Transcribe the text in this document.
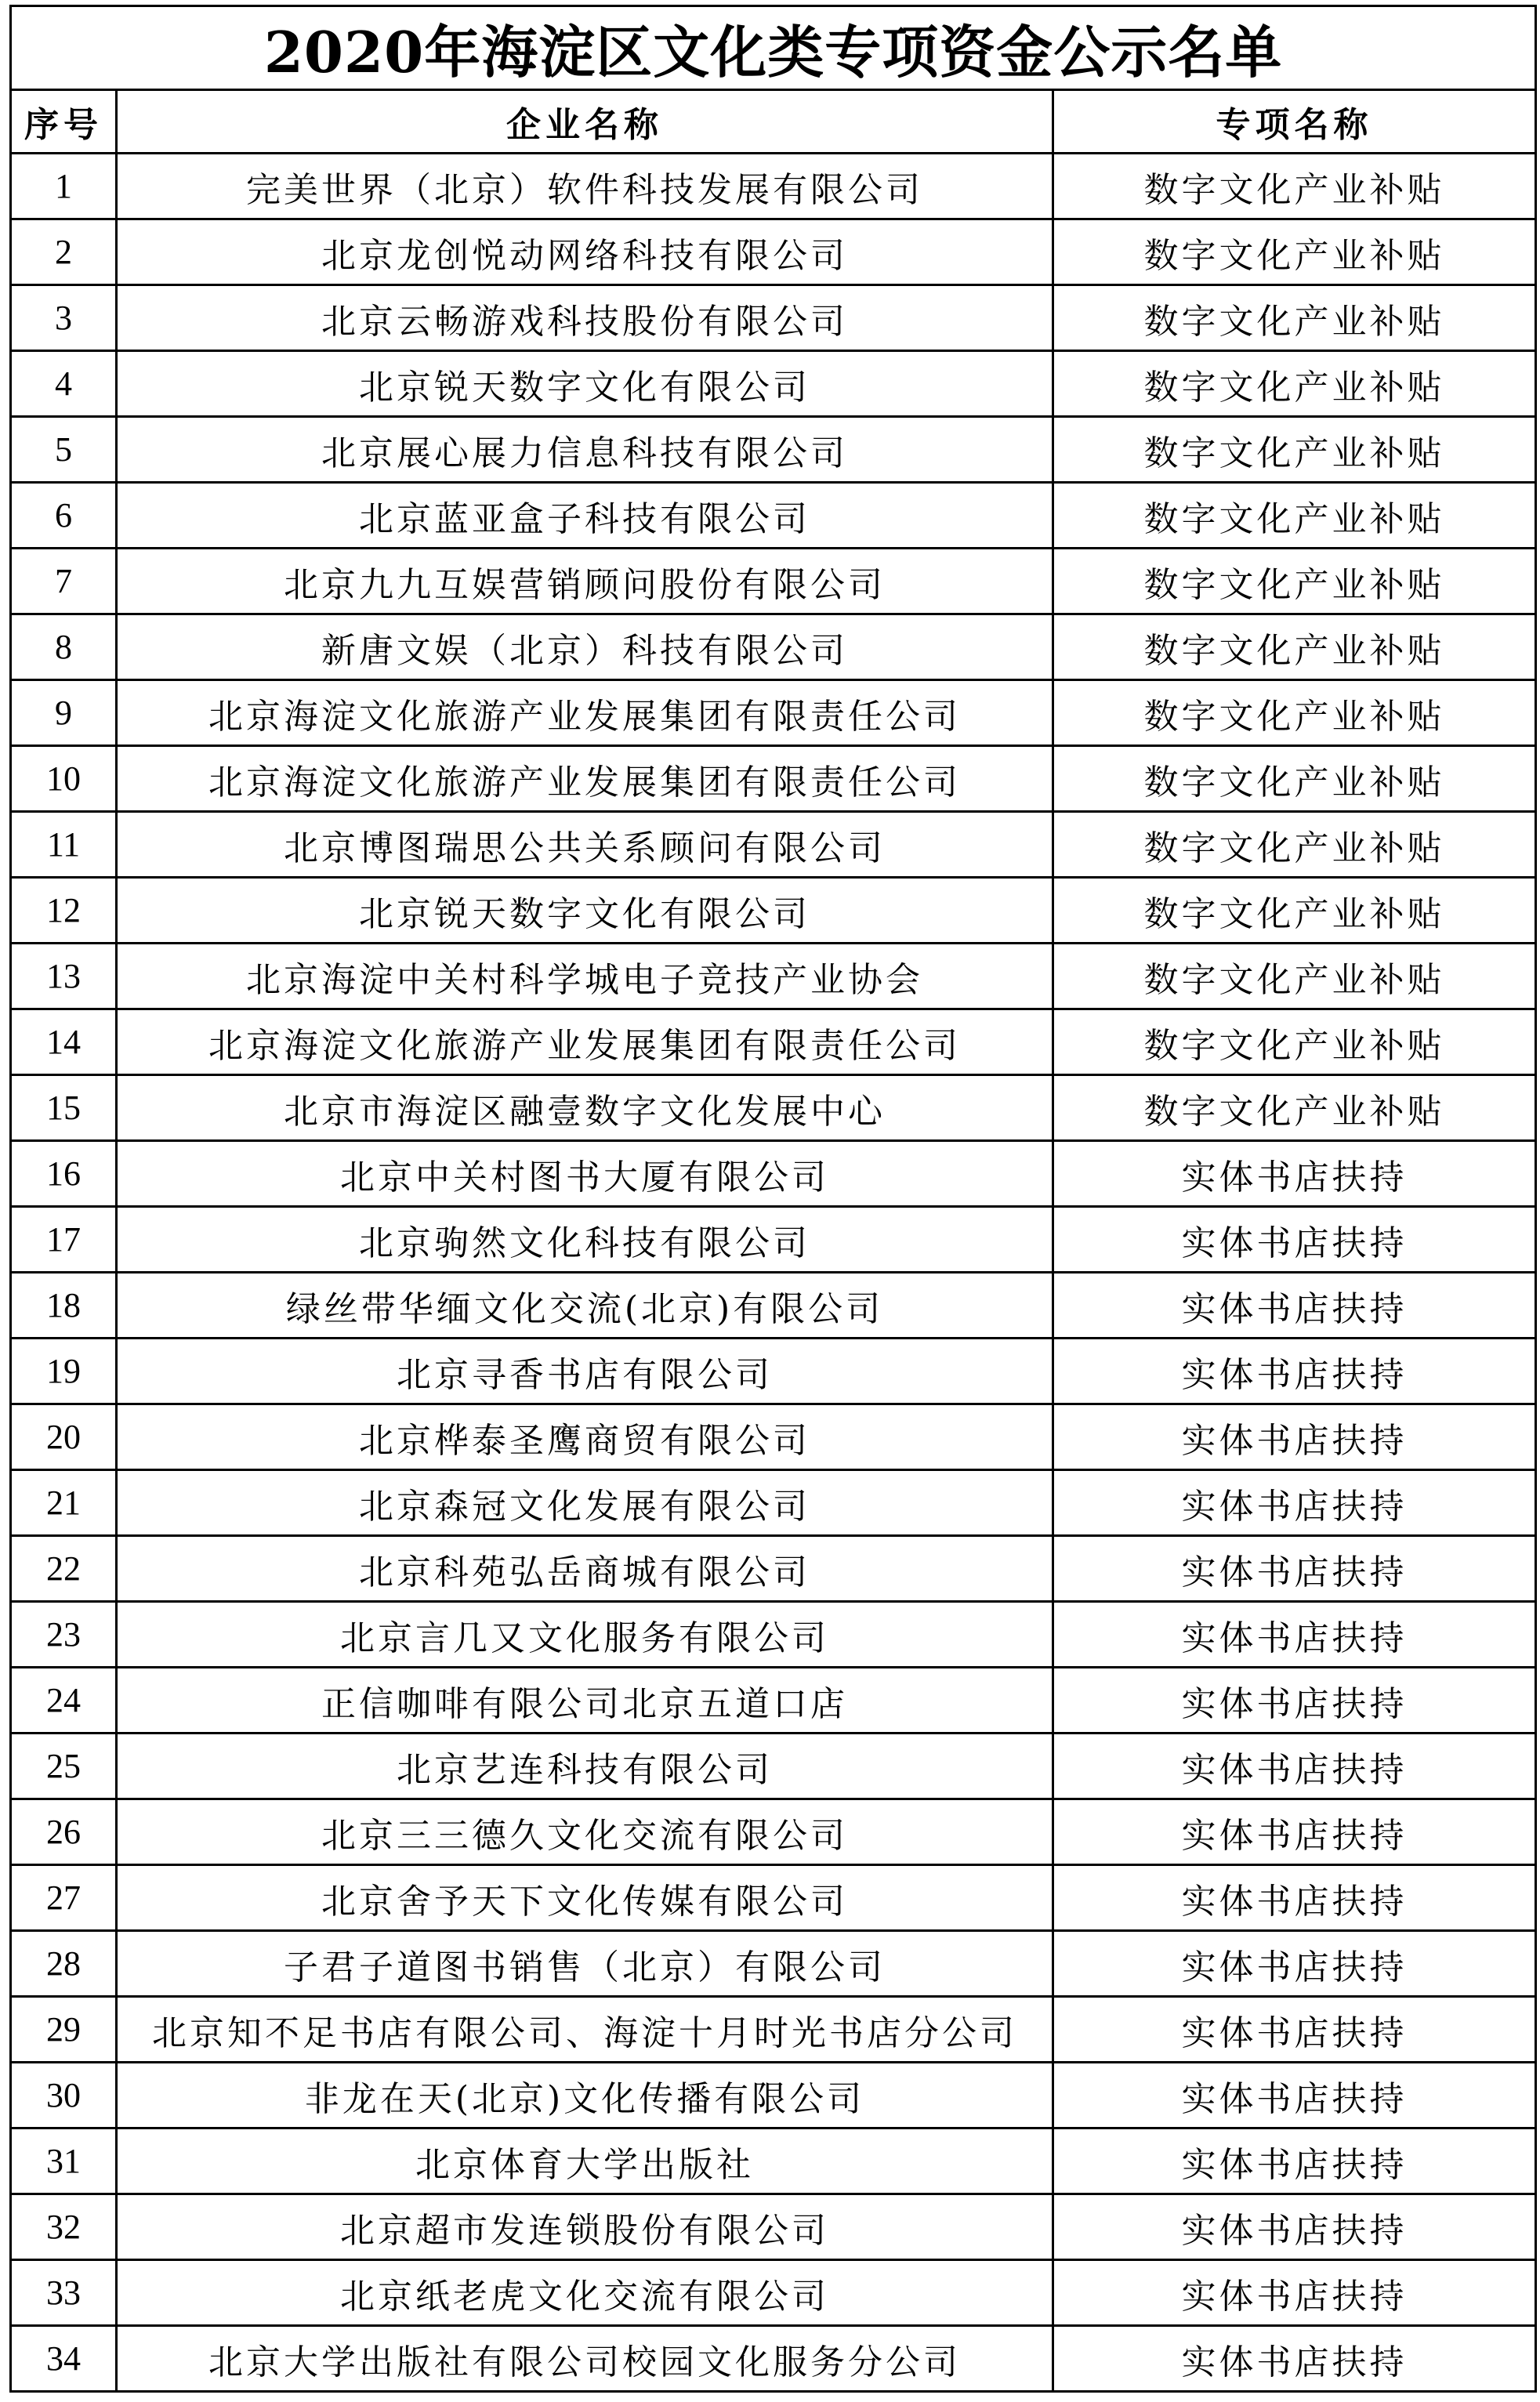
2020年海淀区文化类专项资金公示名单		
序号	企业名称	专项名称
1	完美世界（北京）软件科技发展有限公司	数字文化产业补贴
2	北京龙创悦动网络科技有限公司	数字文化产业补贴
3	北京云畅游戏科技股份有限公司	数字文化产业补贴
4	北京锐天数字文化有限公司	数字文化产业补贴
5	北京展心展力信息科技有限公司	数字文化产业补贴
6	北京蓝亚盒子科技有限公司	数字文化产业补贴
7	北京九九互娱营销顾问股份有限公司	数字文化产业补贴
8	新唐文娱（北京）科技有限公司	数字文化产业补贴
9	北京海淀文化旅游产业发展集团有限责任公司	数字文化产业补贴
10	北京海淀文化旅游产业发展集团有限责任公司	数字文化产业补贴
11	北京博图瑞思公共关系顾问有限公司	数字文化产业补贴
12	北京锐天数字文化有限公司	数字文化产业补贴
13	北京海淀中关村科学城电子竞技产业协会	数字文化产业补贴
14	北京海淀文化旅游产业发展集团有限责任公司	数字文化产业补贴
15	北京市海淀区融壹数字文化发展中心	数字文化产业补贴
16	北京中关村图书大厦有限公司	实体书店扶持
17	北京驹然文化科技有限公司	实体书店扶持
18	绿丝带华缅文化交流(北京)有限公司	实体书店扶持
19	北京寻香书店有限公司	实体书店扶持
20	北京桦泰圣鹰商贸有限公司	实体书店扶持
21	北京森冠文化发展有限公司	实体书店扶持
22	北京科苑弘岳商城有限公司	实体书店扶持
23	北京言几又文化服务有限公司	实体书店扶持
24	正信咖啡有限公司北京五道口店	实体书店扶持
25	北京艺连科技有限公司	实体书店扶持
26	北京三三德久文化交流有限公司	实体书店扶持
27	北京舍予天下文化传媒有限公司	实体书店扶持
28	子君子道图书销售（北京）有限公司	实体书店扶持
29	北京知不足书店有限公司、海淀十月时光书店分公司	实体书店扶持
30	非龙在天(北京)文化传播有限公司	实体书店扶持
31	北京体育大学出版社	实体书店扶持
32	北京超市发连锁股份有限公司	实体书店扶持
33	北京纸老虎文化交流有限公司	实体书店扶持
34	北京大学出版社有限公司校园文化服务分公司	实体书店扶持
